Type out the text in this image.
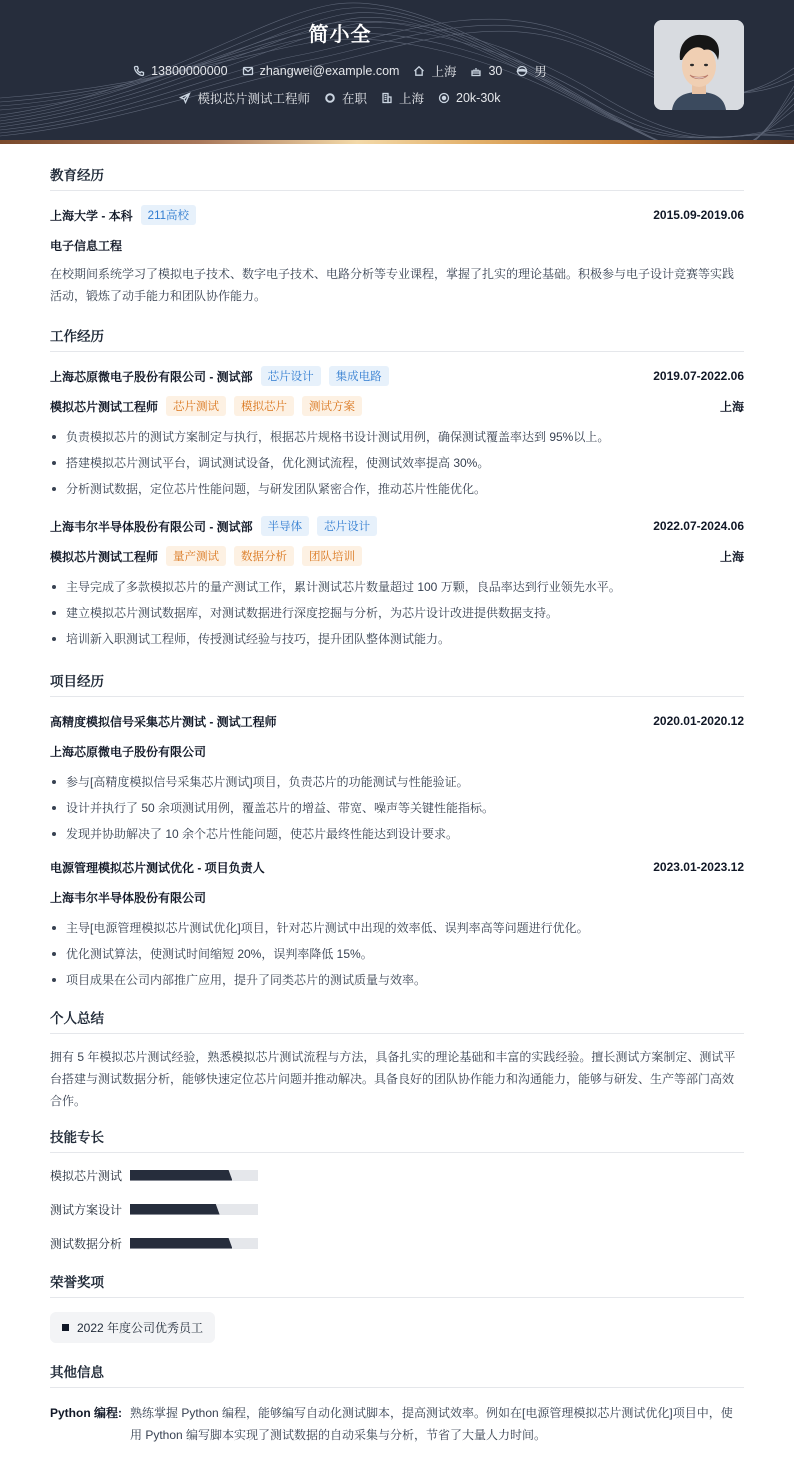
简小全
13800000000	zhangwei@example.com	上海	30	男
模拟芯片测试工程师	在职	上海	20k-30k
教育经历
上海大学 - 本科	211高校	2015.09-2019.06
电子信息工程
在校期间系统学习了模拟电子技术、数字电子技术、电路分析等专业课程，掌握了扎实的理论基础。积极参与电子设计竞赛等实践活动，锻炼了动手能力和团队协作能力。
工作经历
上海芯原微电子股份有限公司 - 测试部	芯片设计	集成电路	2019.07-2022.06
模拟芯片测试工程师	芯片测试	模拟芯片	测试方案	上海
负责模拟芯片的测试方案制定与执行，根据芯片规格书设计测试用例，确保测试覆盖率达到 95%以上。
搭建模拟芯片测试平台，调试测试设备，优化测试流程，使测试效率提高 30%。
分析测试数据，定位芯片性能问题，与研发团队紧密合作，推动芯片性能优化。
上海韦尔半导体股份有限公司 - 测试部	半导体	芯片设计	2022.07-2024.06
模拟芯片测试工程师	量产测试	数据分析	团队培训	上海
主导完成了多款模拟芯片的量产测试工作，累计测试芯片数量超过 100 万颗，良品率达到行业领先水平。
建立模拟芯片测试数据库，对测试数据进行深度挖掘与分析，为芯片设计改进提供数据支持。
培训新入职测试工程师，传授测试经验与技巧，提升团队整体测试能力。
项目经历
高精度模拟信号采集芯片测试 - 测试工程师	2020.01-2020.12
上海芯原微电子股份有限公司
参与[高精度模拟信号采集芯片测试]项目，负责芯片的功能测试与性能验证。
设计并执行了 50 余项测试用例，覆盖芯片的增益、带宽、噪声等关键性能指标。
发现并协助解决了 10 余个芯片性能问题，使芯片最终性能达到设计要求。
电源管理模拟芯片测试优化 - 项目负责人	2023.01-2023.12
上海韦尔半导体股份有限公司
主导[电源管理模拟芯片测试优化]项目，针对芯片测试中出现的效率低、误判率高等问题进行优化。
优化测试算法，使测试时间缩短 20%，误判率降低 15%。
项目成果在公司内部推广应用，提升了同类芯片的测试质量与效率。
个人总结
拥有 5 年模拟芯片测试经验，熟悉模拟芯片测试流程与方法，具备扎实的理论基础和丰富的实践经验。擅长测试方案制定、测试平台搭建与测试数据分析，能够快速定位芯片问题并推动解决。具备良好的团队协作能力和沟通能力，能够与研发、生产等部门高效合作。
技能专长
模拟芯片测试
测试方案设计
测试数据分析
荣誉奖项
2022 年度公司优秀员工
其他信息
Python 编程: 熟练掌握 Python 编程，能够编写自动化测试脚本，提高测试效率。例如在[电源管理模拟芯片测试优化]项目中，使用 Python 编写脚本实现了测试数据的自动采集与分析，节省了大量人力时间。
